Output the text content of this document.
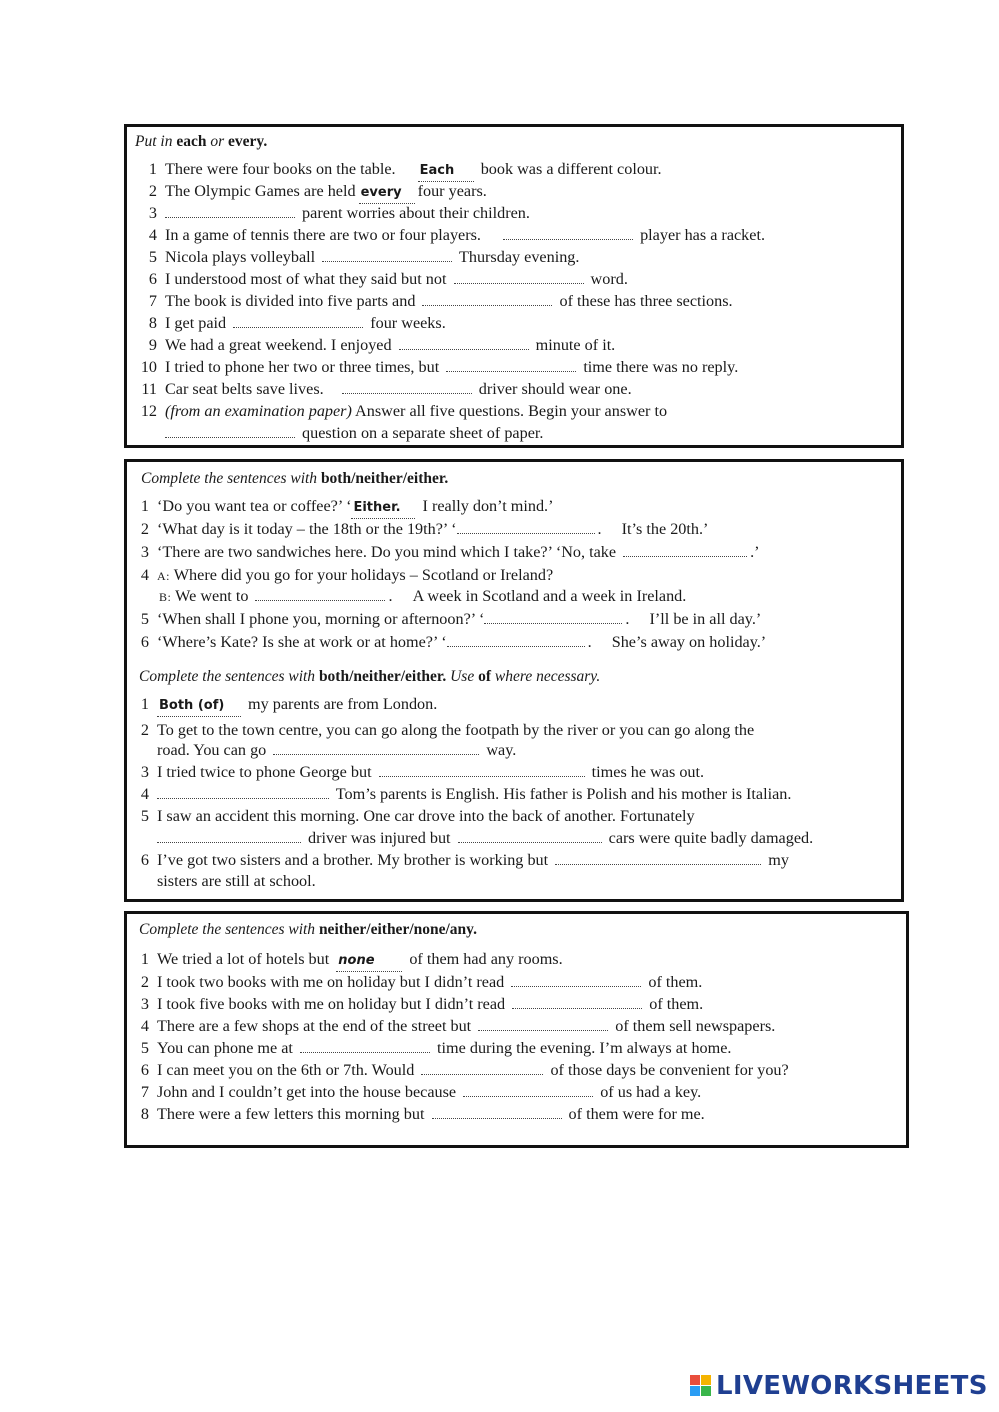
Put in each or every.
1 There were four books on the table. Each book was a different colour.
2 The Olympic Games are held every four years.
3	parent worries about their children.
4 In a game of tennis there are two or four players.	player has a racket.
5 Nicola plays volleyball	Thursday evening.
6 I understood most of what they said but not	word.
7 The book is divided into five parts and	of these has three sections.
8 I get paid	four weeks.
9 We had a great weekend. I enjoyed	minute of it.
10 I tried to phone her two or three times, but	time there was no reply.
11 Car seat belts save lives.	driver should wear one.
12 (from an examination paper) Answer all five questions. Begin your answer to
question on a separate sheet of paper.
Complete the sentences with both/neither/either.
1 ‘Do you want tea or coffee?’ ‘ Either. I really don’t mind.’
2 ‘What day is it today – the 18th or the 19th?’ ‘	. It’s the 20th.’
3 ‘There are two sandwiches here. Do you mind which I take?’ ‘No, take	.’
4 A: Where did you go for your holidays – Scotland or Ireland?
B: We went to	. A week in Scotland and a week in Ireland.
5 ‘When shall I phone you, morning or afternoon?’ ‘	. I’ll be in all day.’
6 ‘Where’s Kate? Is she at work or at home?’ ‘	. She’s away on holiday.’
Complete the sentences with both/neither/either. Use of where necessary.
1 Both (of) my parents are from London.
2 To get to the town centre, you can go along the footpath by the river or you can go along the
road. You can go	way.
3 I tried twice to phone George but	times he was out.
4	Tom’s parents is English. His father is Polish and his mother is Italian.
5 I saw an accident this morning. One car drove into the back of another. Fortunately
driver was injured but	cars were quite badly damaged.
6 I’ve got two sisters and a brother. My brother is working but	my
sisters are still at school.
Complete the sentences with neither/either/none/any.
1 We tried a lot of hotels but none of them had any rooms.
2 I took two books with me on holiday but I didn’t read	of them.
3 I took five books with me on holiday but I didn’t read	of them.
4 There are a few shops at the end of the street but	of them sell newspapers.
5 You can phone me at	time during the evening. I’m always at home.
6 I can meet you on the 6th or 7th. Would	of those days be convenient for you?
7 John and I couldn’t get into the house because	of us had a key.
8 There were a few letters this morning but	of them were for me.
LIVEWORKSHEETS
